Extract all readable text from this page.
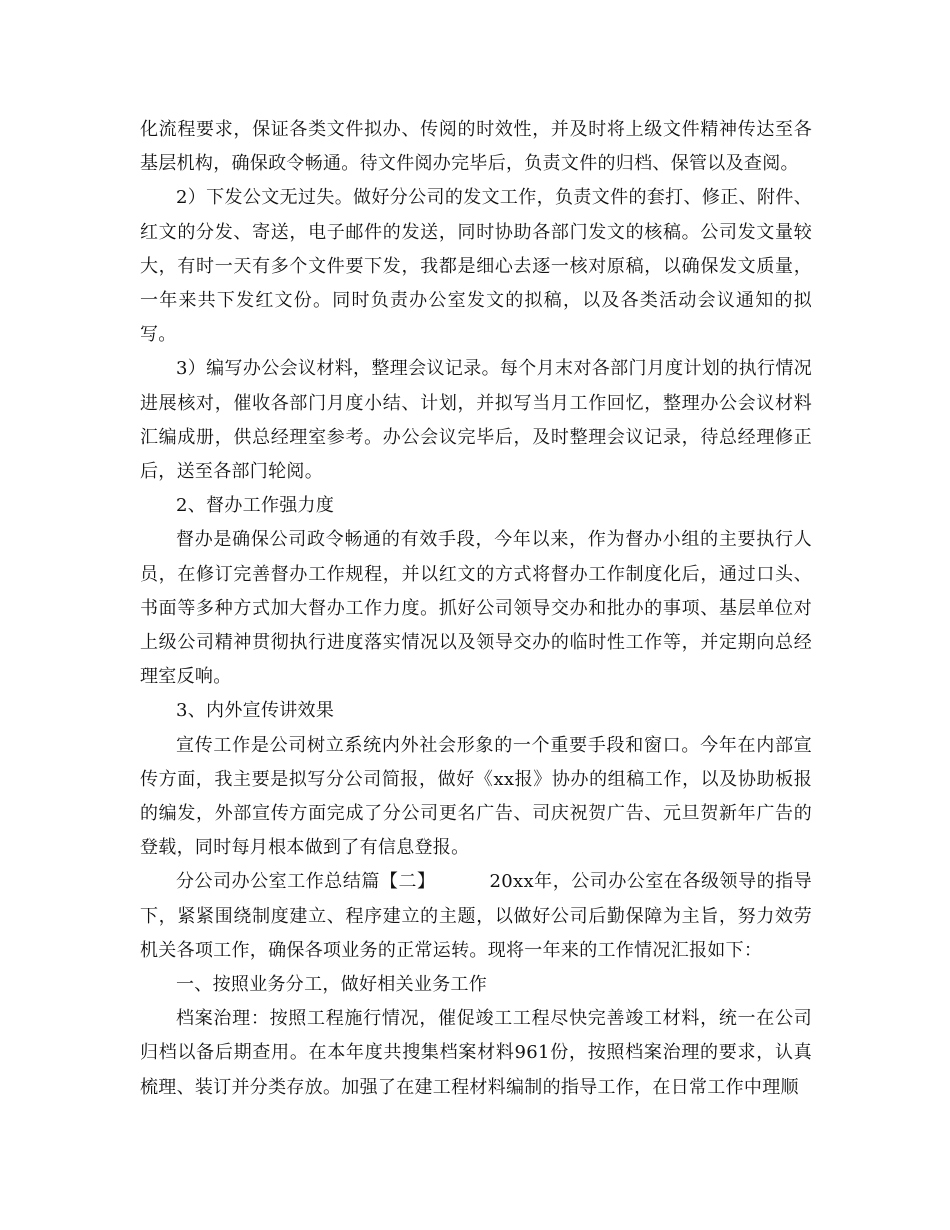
化流程要求，保证各类文件拟办、传阅的时效性，并及时将上级文件精神传达至各基层机构，确保政令畅通。待文件阅办完毕后，负责文件的归档、保管以及查阅。

2）下发公文无过失。做好分公司的发文工作，负责文件的套打、修正、附件、红文的分发、寄送，电子邮件的发送，同时协助各部门发文的核稿。公司发文量较大，有时一天有多个文件要下发，我都是细心去逐一核对原稿，以确保发文质量，一年来共下发红文份。同时负责办公室发文的拟稿，以及各类活动会议通知的拟写。

3）编写办公会议材料，整理会议记录。每个月末对各部门月度计划的执行情况进展核对，催收各部门月度小结、计划，并拟写当月工作回忆，整理办公会议材料汇编成册，供总经理室参考。办公会议完毕后，及时整理会议记录，待总经理修正后，送至各部门轮阅。

2、督办工作强力度

督办是确保公司政令畅通的有效手段，今年以来，作为督办小组的主要执行人员，在修订完善督办工作规程，并以红文的方式将督办工作制度化后，通过口头、书面等多种方式加大督办工作力度。抓好公司领导交办和批办的事项、基层单位对上级公司精神贯彻执行进度落实情况以及领导交办的临时性工作等，并定期向总经理室反响。

3、内外宣传讲效果

宣传工作是公司树立系统内外社会形象的一个重要手段和窗口。今年在内部宣传方面，我主要是拟写分公司简报，做好《xx报》协办的组稿工作，以及协助板报的编发，外部宣传方面完成了分公司更名广告、司庆祝贺广告、元旦贺新年广告的登载，同时每月根本做到了有信息登报。

分公司办公室工作总结篇【二】	20xx年，公司办公室在各级领导的指导下，紧紧围绕制度建立、程序建立的主题，以做好公司后勤保障为主旨，努力效劳机关各项工作，确保各项业务的正常运转。现将一年来的工作情况汇报如下：

一、按照业务分工，做好相关业务工作

档案治理：按照工程施行情况，催促竣工工程尽快完善竣工材料，统一在公司归档以备后期查用。在本年度共搜集档案材料961份，按照档案治理的要求，认真梳理、装订并分类存放。加强了在建工程材料编制的指导工作，在日常工作中理顺
